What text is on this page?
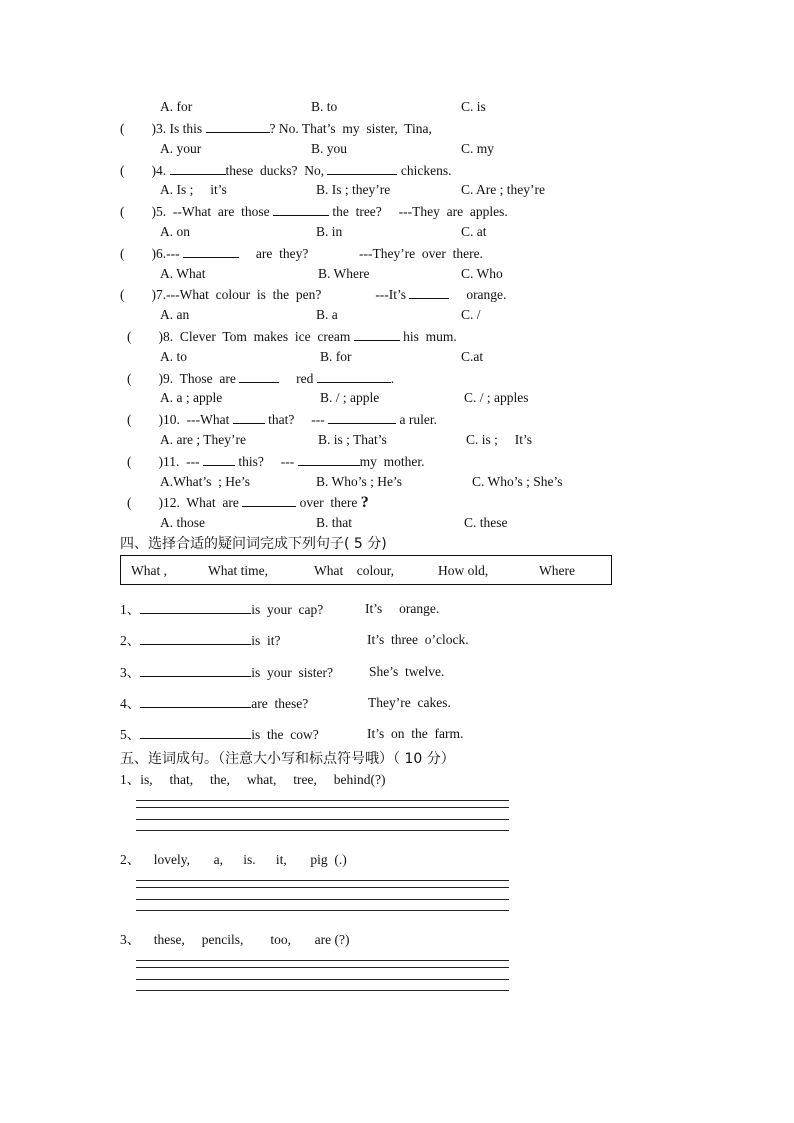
A. for	B. to	C. is
(        )3. Is this	? No. That’s  my  sister,  Tina,
A. your	B. you	C. my
(        )4.	these  ducks?  No,	chickens.
A. Is ;     it’s	B. Is ; they’re	C. Are ; they’re
(        )5.  --What  are  those	the  tree?     ---They  are  apples.
A. on	B. in	C. at
(        )6.---	are  they?               ---They’re  over  there.
A. What	B. Where	C. Who
(        )7.---What  colour  is  the  pen?                ---It’s	orange.
A. an	B. a	C. /
(        )8.  Clever  Tom  makes  ice  cream	his  mum.
A. to	B. for	C.at
(        )9.  Those  are	red	.
A. a ; apple	B. / ; apple	C. / ; apples
(        )10.  ---What  that?     ---	a ruler.
A. are ; They’re	B. is ; That’s	C. is ;     It’s
(        )11.  ---  this?     ---	my  mother.
A.What’s  ; He’s	B. Who’s ; He’s	C. Who’s ; She’s
(        )12.  What  are	over  there ?
A. those	B. that	C. these
四、选择合适的疑问词完成下列句子( 5 分)
What ,	What time,	What    colour,	How old,	Where
1、	is  your  cap?	It’s     orange.
2、	is  it?	It’s  three  o’clock.
3、	is  your  sister?	She’s  twelve.
4、	are  these?	They’re  cakes.
5、	is  the  cow?	It’s  on  the  farm.
五、连词成句。（注意大小写和标点符号哦）（ 10 分）
1、is,     that,     the,     what,     tree,     behind(?)
2、    lovely,       a,      is.      it,       pig  (.)
3、    these,     pencils,        too,       are (?)
